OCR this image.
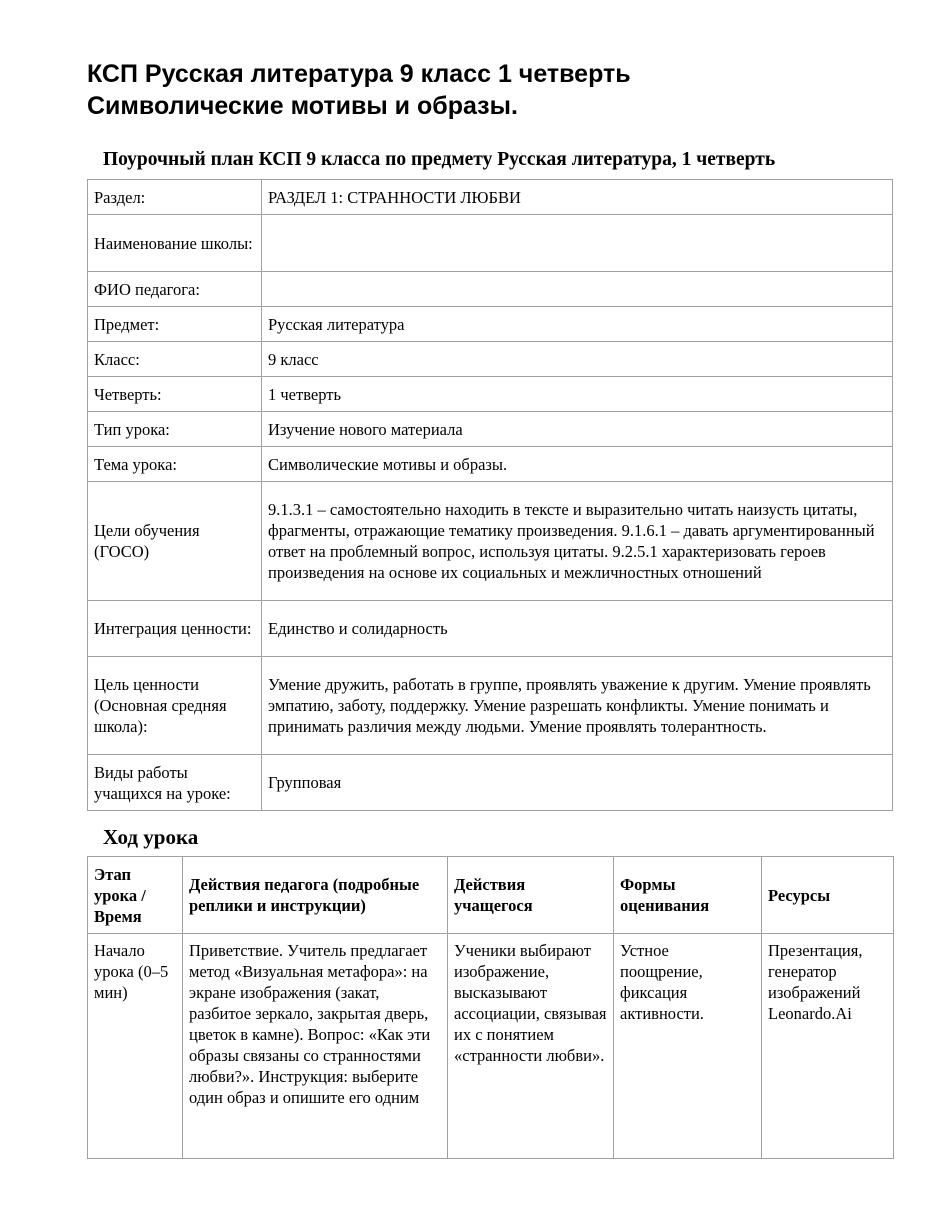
КСП Русская литература 9 класс 1 четверть
Символические мотивы и образы.
Поурочный план КСП 9 класса по предмету Русская литература, 1 четверть
Раздел:	РАЗДЕЛ 1: СТРАННОСТИ ЛЮБВИ
Наименование школы:	
ФИО педагога:	
Предмет:	Русская литература
Класс:	9 класс
Четверть:	1 четверть
Тип урока:	Изучение нового материала
Тема урока:	Символические мотивы и образы.
Цели обучения (ГОСО)	9.1.3.1 – самостоятельно находить в тексте и выразительно читать наизусть цитаты, фрагменты, отражающие тематику произведения. 9.1.6.1 – давать аргументированный ответ на проблемный вопрос, используя цитаты. 9.2.5.1 характеризовать героев произведения на основе их социальных и межличностных отношений
Интеграция ценности:	Единство и солидарность
Цель ценности (Основная средняя школа):	Умение дружить, работать в группе, проявлять уважение к другим. Умение проявлять эмпатию, заботу, поддержку. Умение разрешать конфликты. Умение понимать и принимать различия между людьми. Умение проявлять толерантность.
Виды работы учащихся на уроке:	Групповая
Ход урока
Этап урока / Время	Действия педагога (подробные реплики и инструкции)	Действия учащегося	Формы оценивания	Ресурсы
Начало урока (0–5 мин)	Приветствие. Учитель предлагает метод «Визуальная метафора»: на экране изображения (закат, разбитое зеркало, закрытая дверь, цветок в камне). Вопрос: «Как эти образы связаны со странностями любви?». Инструкция: выберите один образ и опишите его одним	Ученики выбирают изображение, высказывают ассоциации, связывая их с понятием «странности любви».	Устное поощрение, фиксация активности.	Презентация, генератор изображений Leonardo.Ai
